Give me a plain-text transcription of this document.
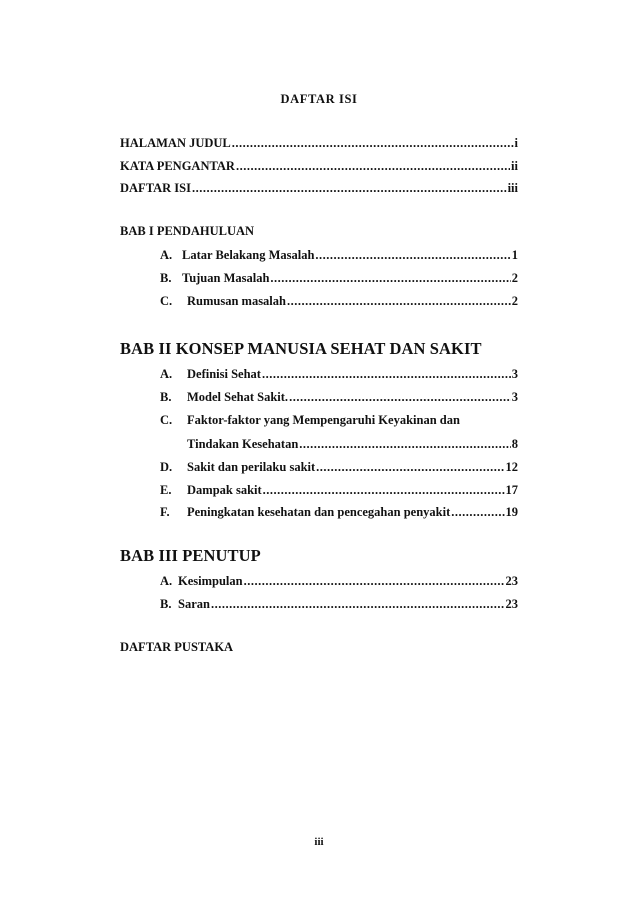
DAFTAR ISI
HALAMAN JUDUL .....	i
KATA PENGANTAR .....	ii
DAFTAR ISI .....	iii
BAB I PENDAHULUAN
A. Latar Belakang Masalah .....	1
B. Tujuan Masalah .....	2
C.	Rumusan masalah .....	2
BAB II KONSEP MANUSIA SEHAT DAN SAKIT
A.	Definisi Sehat .....	3
B.	Model Sehat Sakit. .....	3
C.	Faktor-faktor yang Mempengaruhi Keyakinan dan
Tindakan Kesehatan .....	8
D.	Sakit dan perilaku sakit .....	12
E.	Dampak sakit .....	17
F.	Peningkatan kesehatan dan pencegahan penyakit .....	19
BAB III PENUTUP
A. Kesimpulan .....	23
B. Saran .....	23
DAFTAR PUSTAKA
iii
